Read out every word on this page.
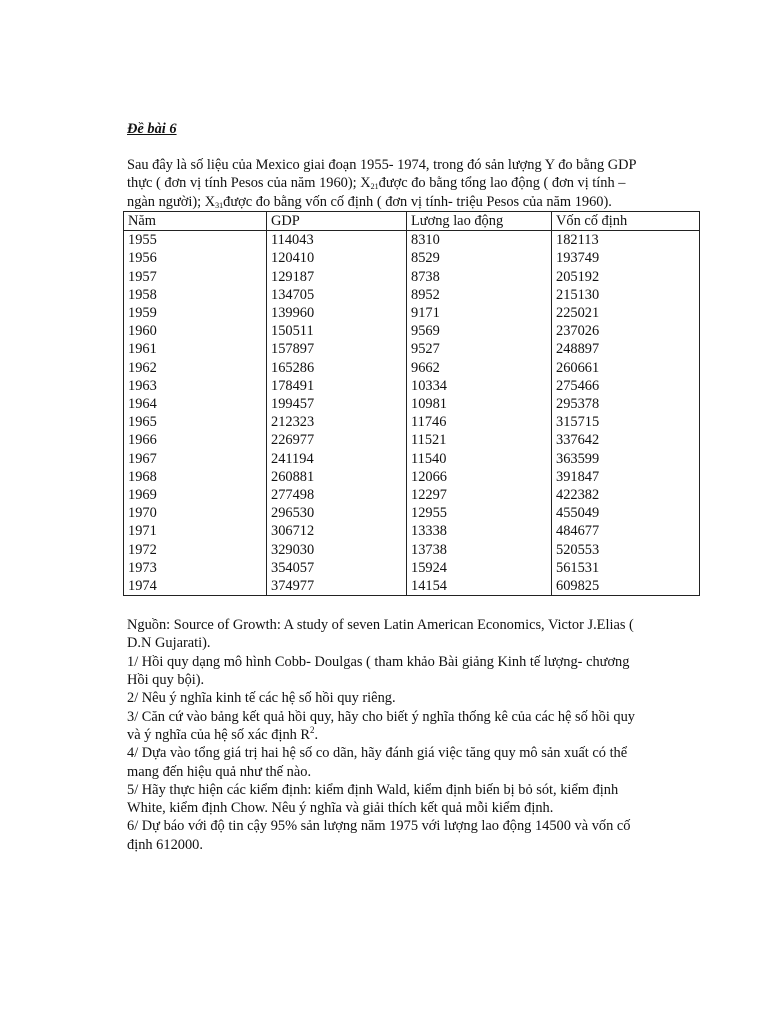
Đề bài 6

Sau đây là số liệu của Mexico giai đoạn 1955- 1974, trong đó sản lượng Y đo bằng GDP thực ( đơn vị tính Pesos của năm 1960); $X_{21}được$ đo bằng tổng lao động ( đơn vị tính – ngàn người); $X_{31}được$ đo bằng vốn cố định ( đơn vị tính- triệu Pesos của năm 1960).

Năm	GDP	Lương lao động	Vốn cố định
1955	114043	8310	182113
1956	120410	8529	193749
1957	129187	8738	205192
1958	134705	8952	215130
1959	139960	9171	225021
1960	150511	9569	237026
1961	157897	9527	248897
1962	165286	9662	260661
1963	178491	10334	275466
1964	199457	10981	295378
1965	212323	11746	315715
1966	226977	11521	337642
1967	241194	11540	363599
1968	260881	12066	391847
1969	277498	12297	422382
1970	296530	12955	455049
1971	306712	13338	484677
1972	329030	13738	520553
1973	354057	15924	561531
1974	374977	14154	609825

Nguồn: Source of Growth: A study of seven Latin American Economics, Victor J.Elias ( D.N Gujarati).

1/ Hồi quy dạng mô hình Cobb- Doulgas ( tham khảo Bài giảng Kinh tế lượng- chương Hồi quy bội).

2/ Nêu ý nghĩa kinh tế các hệ số hồi quy riêng.

3/ Căn cứ vào bảng kết quả hồi quy, hãy cho biết ý nghĩa thống kê của các hệ số hồi quy và ý nghĩa của hệ số xác định $R^2$.

4/ Dựa vào tổng giá trị hai hệ số co dãn, hãy đánh giá việc tăng quy mô sản xuất có thể mang đến hiệu quả như thế nào.

5/ Hãy thực hiện các kiểm định: kiểm định Wald, kiểm định biến bị bỏ sót, kiểm định White, kiểm định Chow. Nêu ý nghĩa và giải thích kết quả mỗi kiểm định.

6/ Dự báo với độ tin cậy 95% sản lượng năm 1975 với lượng lao động 14500 và vốn cố định 612000.
